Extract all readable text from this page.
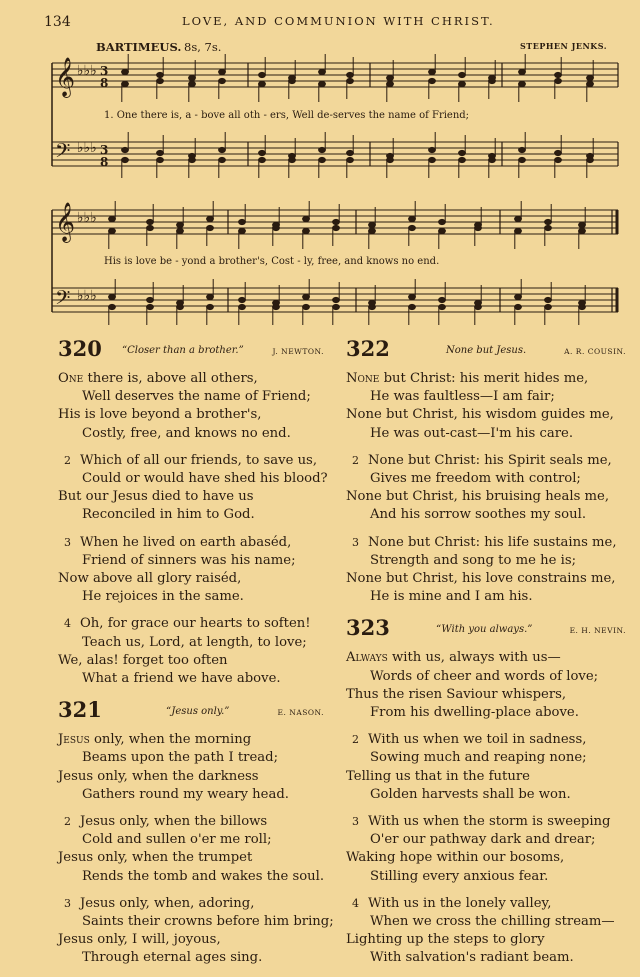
134	LOVE, AND COMMUNION WITH CHRIST.
BARTIMEUS. 8s, 7s.	STEPHEN JENKS.
𝄞
𝄢
𝄞
𝄢
♭♭♭
♭♭♭
♭♭♭
♭♭♭
3
8
3
8
1. One there is, a - bove all oth - ers, Well de-serves the name of Friend;
His is love be - yond a brother's, Cost - ly, free, and knows no end.
320 “Closer than a brother.”	J. NEWTON.
One there is, above all others,
Well deserves the name of Friend;
His is love beyond a brother's,
Costly, free, and knows no end.
2 Which of all our friends, to save us,
Could or would have shed his blood?
But our Jesus died to have us
Reconciled in him to God.
3 When he lived on earth abaséd,
Friend of sinners was his name;
Now above all glory raiséd,
He rejoices in the same.
4 Oh, for grace our hearts to soften!
Teach us, Lord, at length, to love;
We, alas! forget too often
What a friend we have above.
321	“Jesus only.”	E. NASON.
Jesus only, when the morning
Beams upon the path I tread;
Jesus only, when the darkness
Gathers round my weary head.
2 Jesus only, when the billows
Cold and sullen o'er me roll;
Jesus only, when the trumpet
Rends the tomb and wakes the soul.
3 Jesus only, when, adoring,
Saints their crowns before him bring;
Jesus only, I will, joyous,
Through eternal ages sing.
322	None but Jesus.	A. R. COUSIN.
None but Christ: his merit hides me,
He was faultless—I am fair;
None but Christ, his wisdom guides me,
He was out-cast—I'm his care.
2 None but Christ: his Spirit seals me,
Gives me freedom with control;
None but Christ, his bruising heals me,
And his sorrow soothes my soul.
3 None but Christ: his life sustains me,
Strength and song to me he is;
None but Christ, his love constrains me,
He is mine and I am his.
323	“With you always.”	E. H. NEVIN.
Always with us, always with us—
Words of cheer and words of love;
Thus the risen Saviour whispers,
From his dwelling-place above.
2 With us when we toil in sadness,
Sowing much and reaping none;
Telling us that in the future
Golden harvests shall be won.
3 With us when the storm is sweeping
O'er our pathway dark and drear;
Waking hope within our bosoms,
Stilling every anxious fear.
4 With us in the lonely valley,
When we cross the chilling stream—
Lighting up the steps to glory
With salvation's radiant beam.
